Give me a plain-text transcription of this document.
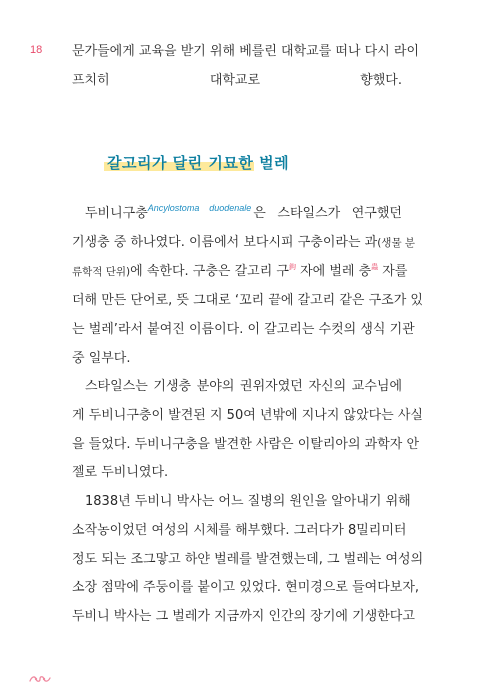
18 문가들에게 교육을 받기 위해 베를린 대학교를 떠나 다시 라이
프치히 대학교로 향했다.
갈고리가 달린 기묘한 벌레
두비니구충$^{Ancylostoma duodenale}$ 은 스타일스가 연구했던
기생충 중 하나였다. 이름에서 보다시피 구충이라는 과(생물 분
류학적 단위)에 속한다. 구충은 갈고리 구$^鉤$ 자에 벌레 충$^蟲$ 자를
더해 만든 단어로, 뜻 그대로 ‘꼬리 끝에 갈고리 같은 구조가 있
는 벌레’라서 붙여진 이름이다. 이 갈고리는 수컷의 생식 기관
중 일부다.
스타일스는 기생충 분야의 권위자였던 자신의 교수님에
게 두비니구충이 발견된 지 50여 년밖에 지나지 않았다는 사실
을 들었다. 두비니구충을 발견한 사람은 이탈리아의 과학자 안
젤로 두비니였다.
1838년 두비니 박사는 어느 질병의 원인을 알아내기 위해
소작농이었던 여성의 시체를 해부했다. 그러다가 8밀리미터
정도 되는 조그맣고 하얀 벌레를 발견했는데, 그 벌레는 여성의
소장 점막에 주둥이를 붙이고 있었다. 현미경으로 들여다보자,
두비니 박사는 그 벌레가 지금까지 인간의 장기에 기생한다고
